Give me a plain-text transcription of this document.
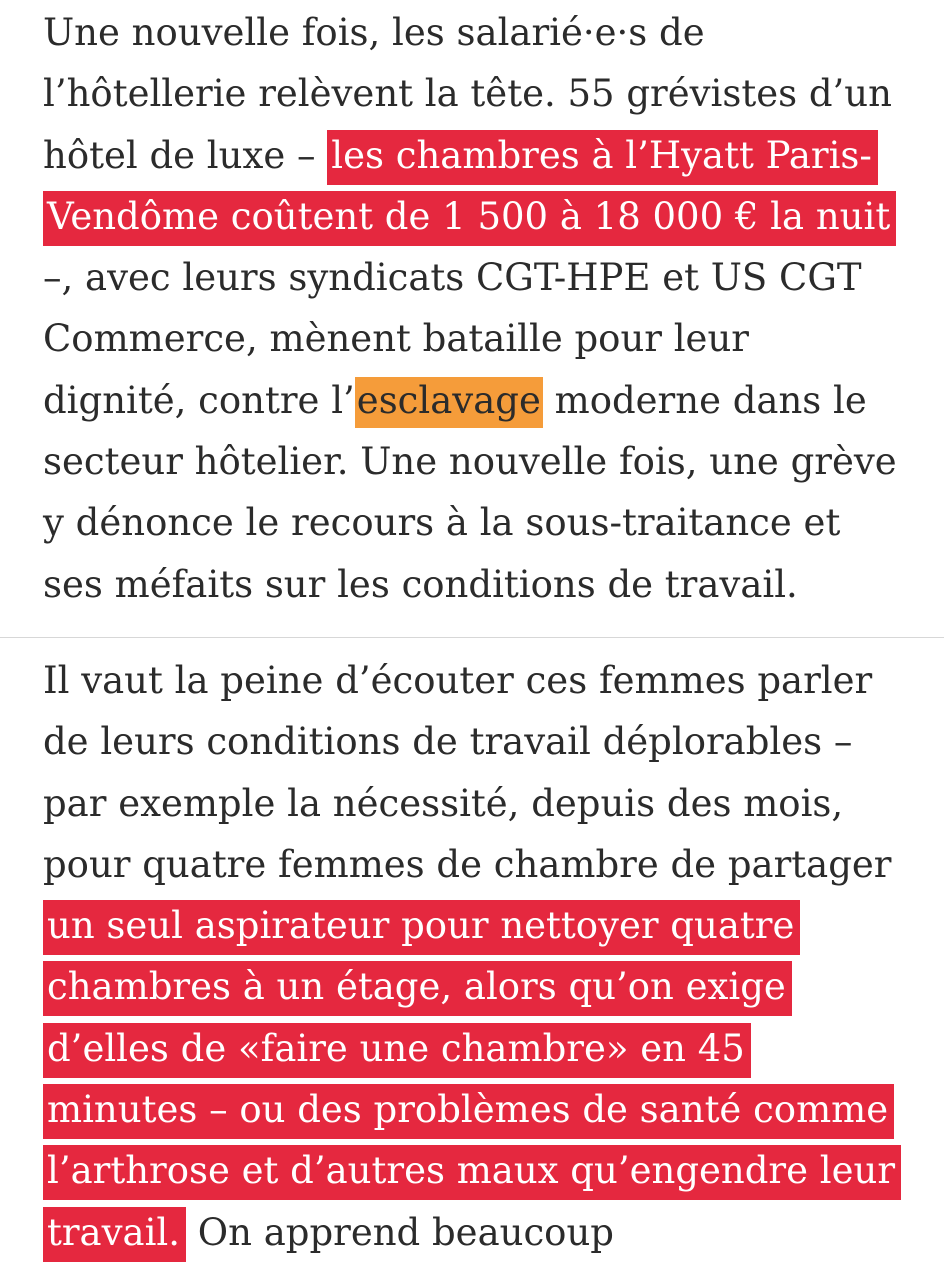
Une nouvelle fois, les salarié·e·s de l’hôtellerie relèvent la tête. 55 grévistes d’un hôtel de luxe – les chambres à l’Hyatt Paris-Vendôme coûtent de 1 500 à 18 000 € la nuit –, avec leurs syndicats CGT-HPE et US CGT Commerce, mènent bataille pour leur dignité, contre l’esclavage moderne dans le secteur hôtelier. Une nouvelle fois, une grève y dénonce le recours à la sous-traitance et ses méfaits sur les conditions de travail.

Il vaut la peine d’écouter ces femmes parler de leurs conditions de travail déplorables – par exemple la nécessité, depuis des mois, pour quatre femmes de chambre de partager un seul aspirateur pour nettoyer quatre chambres à un étage, alors qu’on exige d’elles de «faire une chambre» en 45 minutes – ou des problèmes de santé comme l’arthrose et d’autres maux qu’engendre leur travail. On apprend beaucoup
